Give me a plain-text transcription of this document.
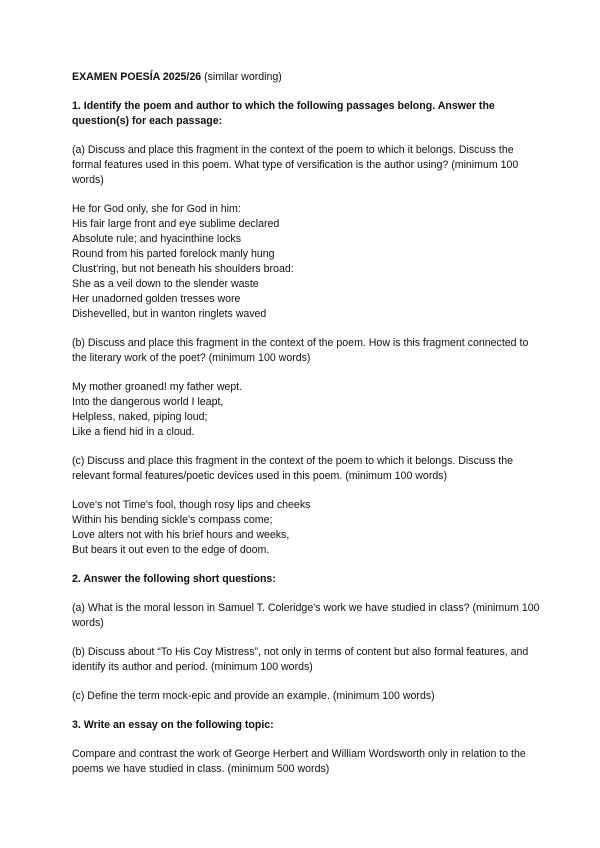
EXAMEN POESÍA 2025/26 (similar wording)

1. Identify the poem and author to which the following passages belong. Answer the question(s) for each passage:

(a) Discuss and place this fragment in the context of the poem to which it belongs. Discuss the formal features used in this poem. What type of versification is the author using? (minimum 100 words)

He for God only, she for God in him:
His fair large front and eye sublime declared
Absolute rule; and hyacinthine locks
Round from his parted forelock manly hung
Clust'ring, but not beneath his shoulders broad:
She as a veil down to the slender waste
Her unadorned golden tresses wore
Dishevelled, but in wanton ringlets waved

(b) Discuss and place this fragment in the context of the poem. How is this fragment connected to the literary work of the poet? (minimum 100 words)

My mother groaned! my father wept.
Into the dangerous world I leapt,
Helpless, naked, piping loud;
Like a fiend hid in a cloud.

(c) Discuss and place this fragment in the context of the poem to which it belongs. Discuss the relevant formal features/poetic devices used in this poem. (minimum 100 words)

Love's not Time's fool, though rosy lips and cheeks
Within his bending sickle's compass come;
Love alters not with his brief hours and weeks,
But bears it out even to the edge of doom.

2. Answer the following short questions:

(a) What is the moral lesson in Samuel T. Coleridge's work we have studied in class? (minimum 100 words)

(b) Discuss about “To His Coy Mistress”, not only in terms of content but also formal features, and identify its author and period. (minimum 100 words)

(c) Define the term mock-epic and provide an example. (minimum 100 words)

3. Write an essay on the following topic:

Compare and contrast the work of George Herbert and William Wordsworth only in relation to the poems we have studied in class. (minimum 500 words)
